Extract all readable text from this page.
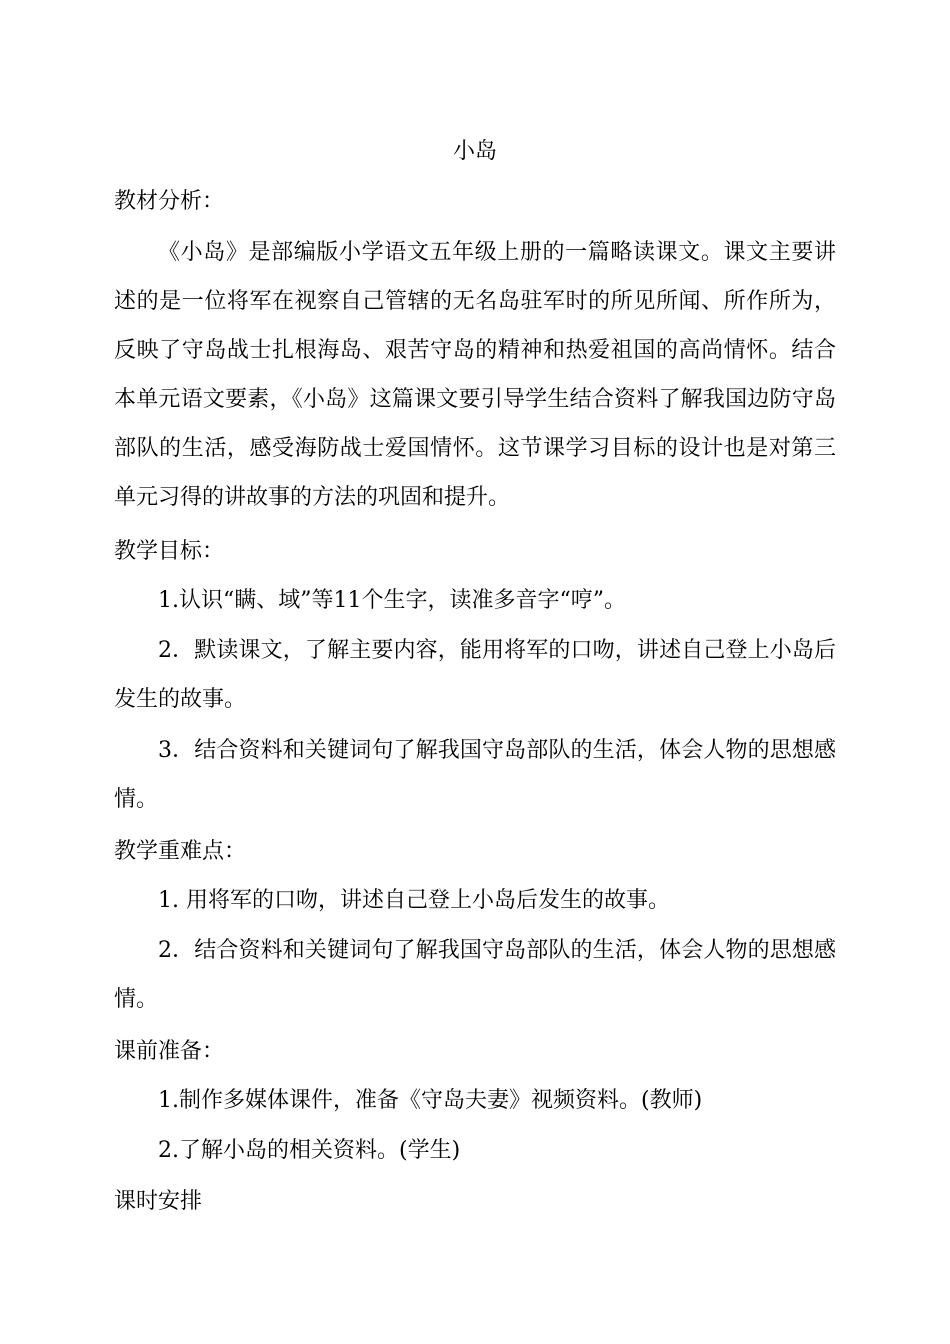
小岛
教材分析：

《小岛》是部编版小学语文五年级上册的一篇略读课文。课文主要讲述的是一位将军在视察自己管辖的无名岛驻军时的所见所闻、所作所为，反映了守岛战士扎根海岛、艰苦守岛的精神和热爱祖国的高尚情怀。结合本单元语文要素，《小岛》这篇课文要引导学生结合资料了解我国边防守岛部队的生活，感受海防战士爱国情怀。这节课学习目标的设计也是对第三单元习得的讲故事的方法的巩固和提升。

教学目标：

1.认识“瞒、域”等11个生字，读准多音字“哼”。

2．默读课文，了解主要内容，能用将军的口吻，讲述自己登上小岛后发生的故事。

3．结合资料和关键词句了解我国守岛部队的生活，体会人物的思想感情。

教学重难点：

1. 用将军的口吻，讲述自己登上小岛后发生的故事。

2．结合资料和关键词句了解我国守岛部队的生活，体会人物的思想感情。

课前准备：

1.制作多媒体课件，准备《守岛夫妻》视频资料。(教师)

2.了解小岛的相关资料。(学生)

课时安排
